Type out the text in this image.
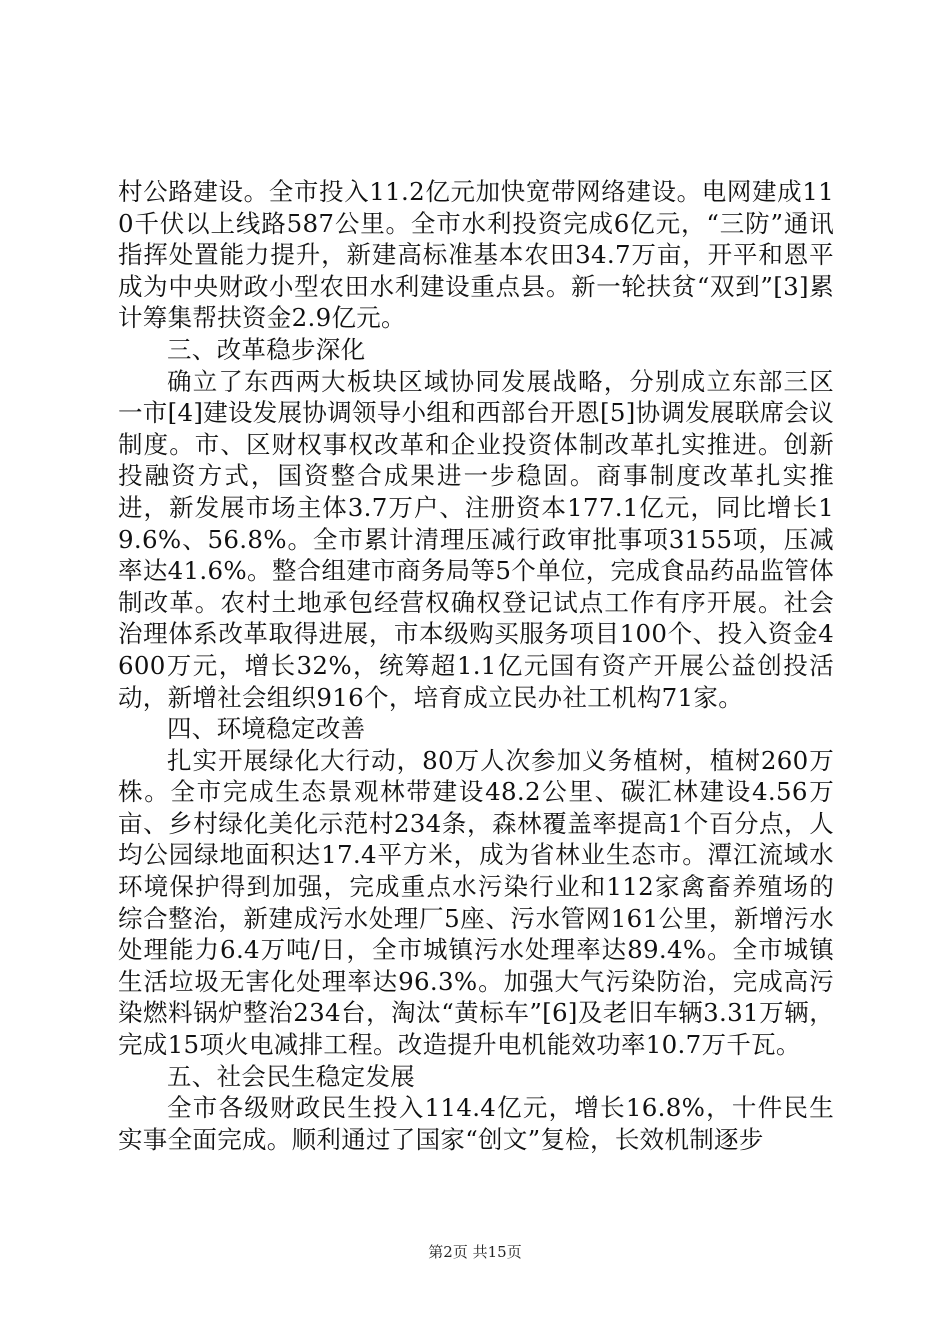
村公路建设。全市投入11.2亿元加快宽带网络建设。电网建成110千伏以上线路587公里。全市水利投资完成6亿元，“三防”通讯指挥处置能力提升，新建高标准基本农田34.7万亩，开平和恩平成为中央财政小型农田水利建设重点县。新一轮扶贫“双到”[3]累计筹集帮扶资金2.9亿元。

三、改革稳步深化

确立了东西两大板块区域协同发展战略，分别成立东部三区一市[4]建设发展协调领导小组和西部台开恩[5]协调发展联席会议制度。市、区财权事权改革和企业投资体制改革扎实推进。创新投融资方式，国资整合成果进一步稳固。商事制度改革扎实推进，新发展市场主体3.7万户、注册资本177.1亿元，同比增长19.6%、56.8%。全市累计清理压减行政审批事项3155项，压减率达41.6%。整合组建市商务局等5个单位，完成食品药品监管体制改革。农村土地承包经营权确权登记试点工作有序开展。社会治理体系改革取得进展，市本级购买服务项目100个、投入资金4600万元，增长32%，统筹超1.1亿元国有资产开展公益创投活动，新增社会组织916个，培育成立民办社工机构71家。

四、环境稳定改善

扎实开展绿化大行动，80万人次参加义务植树，植树260万株。全市完成生态景观林带建设48.2公里、碳汇林建设4.56万亩、乡村绿化美化示范村234条，森林覆盖率提高1个百分点，人均公园绿地面积达17.4平方米，成为省林业生态市。潭江流域水环境保护得到加强，完成重点水污染行业和112家禽畜养殖场的综合整治，新建成污水处理厂5座、污水管网161公里，新增污水处理能力6.4万吨/日，全市城镇污水处理率达89.4%。全市城镇生活垃圾无害化处理率达96.3%。加强大气污染防治，完成高污染燃料锅炉整治234台，淘汰“黄标车”[6]及老旧车辆3.31万辆，完成15项火电减排工程。改造提升电机能效功率10.7万千瓦。

五、社会民生稳定发展

全市各级财政民生投入114.4亿元，增长16.8%，十件民生实事全面完成。顺利通过了国家“创文”复检，长效机制逐步

第2页 共15页
